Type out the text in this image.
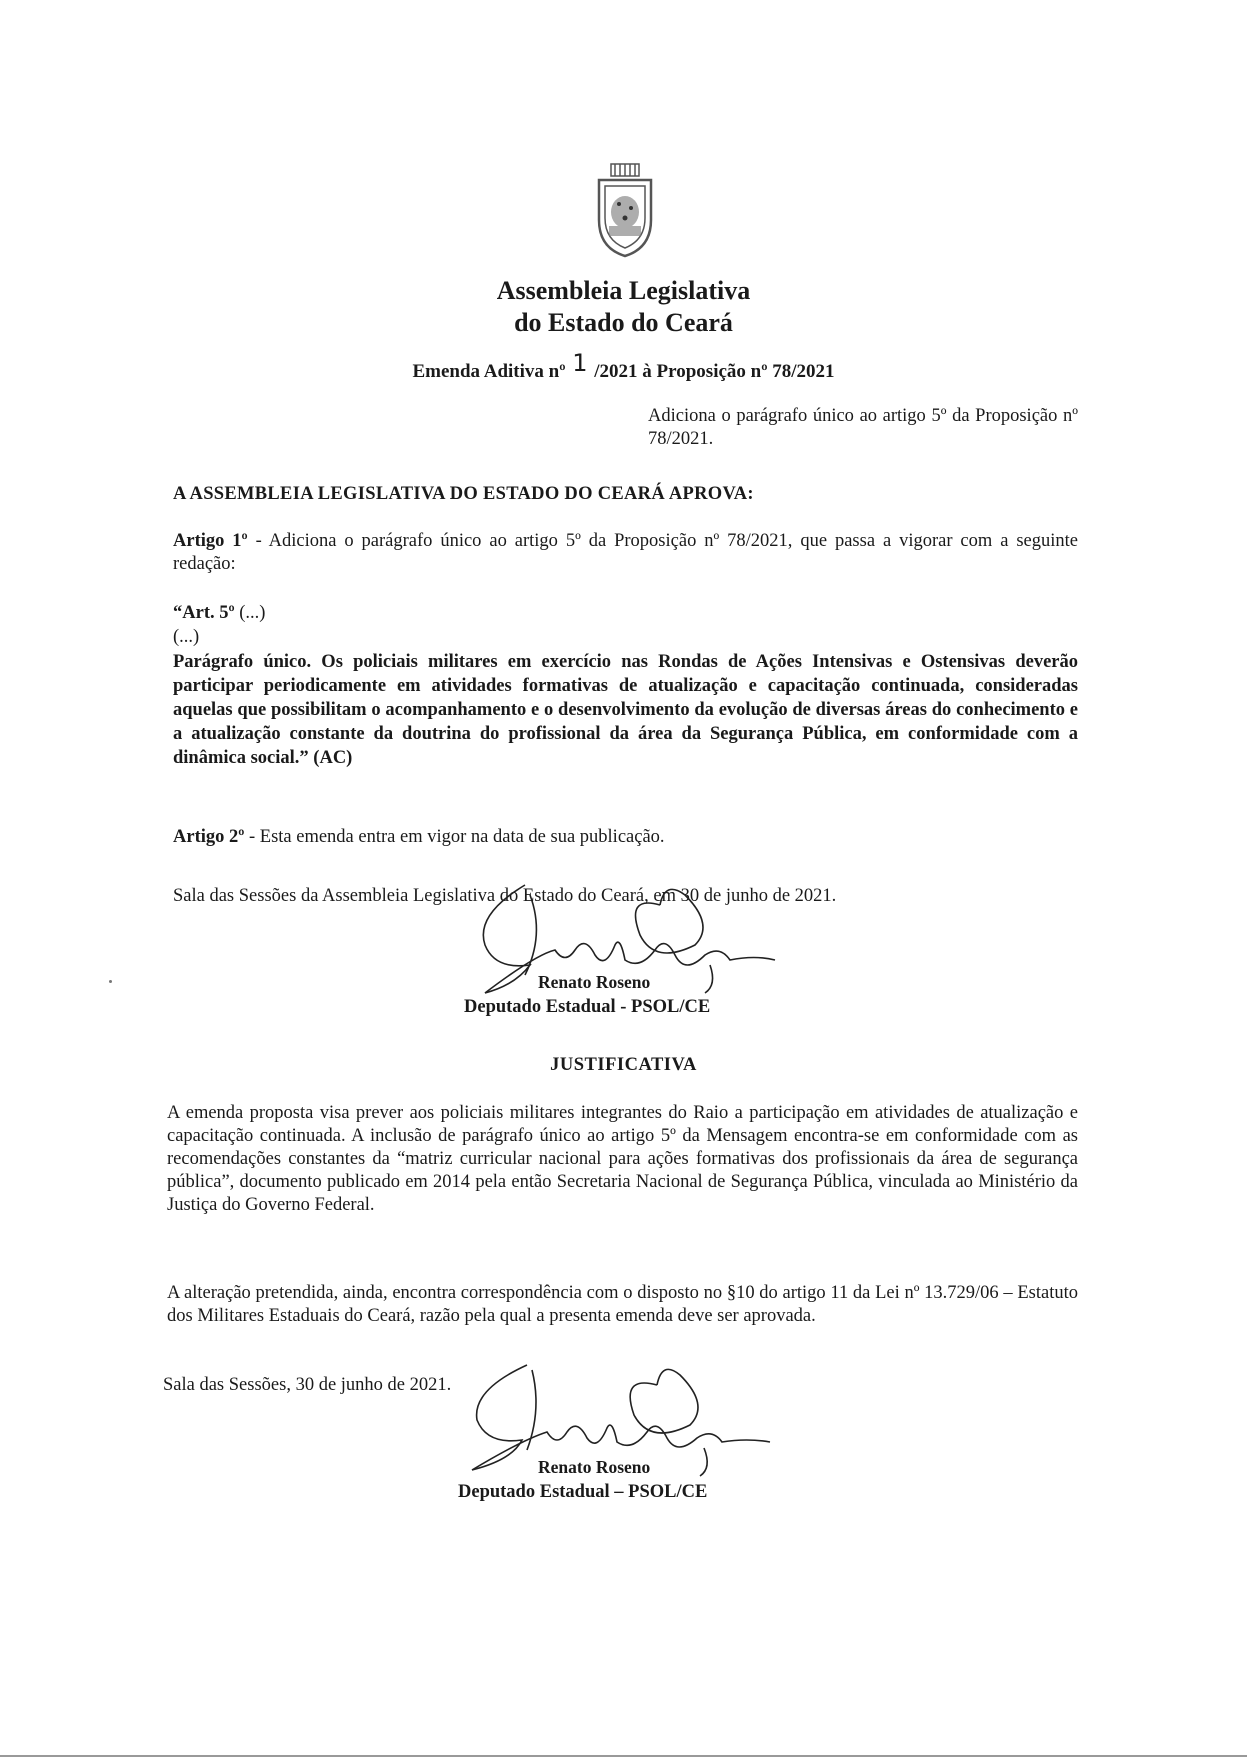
Assembleia Legislativa
do Estado do Ceará
Emenda Aditiva nº 1 /2021 à Proposição nº 78/2021
Adiciona o parágrafo único ao artigo 5º da Proposição nº 78/2021.
A ASSEMBLEIA LEGISLATIVA DO ESTADO DO CEARÁ APROVA:
Artigo 1º - Adiciona o parágrafo único ao artigo 5º da Proposição nº 78/2021, que passa a vigorar com a seguinte redação:
“Art. 5º (...)
(...)
Parágrafo único. Os policiais militares em exercício nas Rondas de Ações Intensivas e Ostensivas deverão participar periodicamente em atividades formativas de atualização e capacitação continuada, consideradas aquelas que possibilitam o acompanhamento e o desenvolvimento da evolução de diversas áreas do conhecimento e a atualização constante da doutrina do profissional da área da Segurança Pública, em conformidade com a dinâmica social.” (AC)
Artigo 2º - Esta emenda entra em vigor na data de sua publicação.
Sala das Sessões da Assembleia Legislativa do Estado do Ceará, em 30 de junho de 2021.
Renato Roseno
Deputado Estadual - PSOL/CE
JUSTIFICATIVA
A emenda proposta visa prever aos policiais militares integrantes do Raio a participação em atividades de atualização e capacitação continuada. A inclusão de parágrafo único ao artigo 5º da Mensagem encontra-se em conformidade com as recomendações constantes da “matriz curricular nacional para ações formativas dos profissionais da área de segurança pública”, documento publicado em 2014 pela então Secretaria Nacional de Segurança Pública, vinculada ao Ministério da Justiça do Governo Federal.
A alteração pretendida, ainda, encontra correspondência com o disposto no §10 do artigo 11 da Lei nº 13.729/06 – Estatuto dos Militares Estaduais do Ceará, razão pela qual a presenta emenda deve ser aprovada.
Sala das Sessões, 30 de junho de 2021.
Renato Roseno
Deputado Estadual – PSOL/CE
